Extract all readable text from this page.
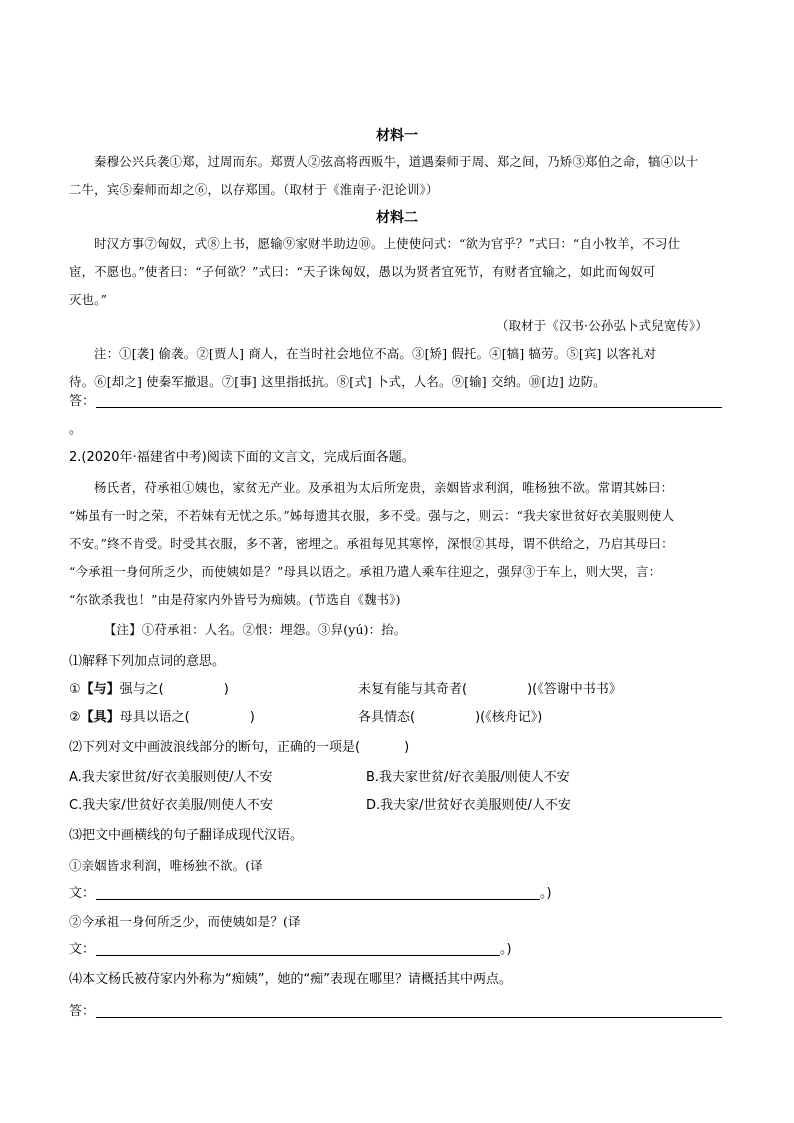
材料一
秦穆公兴兵袭①郑，过周而东。郑贾人②弦高将西贩牛，道遇秦师于周、郑之间，乃矫③郑伯之命，犒④以十
二牛，宾⑤秦师而却之⑥，以存郑国。（取材于《淮南子·氾论训》）
材料二
时汉方事⑦匈奴，式⑧上书，愿输⑨家财半助边⑩。上使使问式：“欲为官乎？”式曰：“自小牧羊，不习仕
宦，不愿也。”使者曰：“子何欲？”式曰：“天子诛匈奴，愚以为贤者宜死节，有财者宜输之，如此而匈奴可
灭也。”
（取材于《汉书·公孙弘卜式兒宽传》）
注：①[袭] 偷袭。②[贾人] 商人，在当时社会地位不高。③[矫] 假托。④[犒] 犒劳。⑤[宾] 以客礼对
待。⑥[却之] 使秦军撤退。⑦[事] 这里指抵抗。⑧[式] 卜式，人名。⑨[输] 交纳。⑩[边] 边防。
答：
。
2.(2020年·福建省中考)阅读下面的文言文，完成后面各题。
杨氏者，苻承祖①姨也，家贫无产业。及承祖为太后所宠贵，亲姻皆求利润，唯杨独不欲。常谓其姊曰：
“姊虽有一时之荣，不若妹有无忧之乐。”姊每遗其衣服，多不受。强与之，则云：“我夫家世贫好衣美服则使人
不安。”终不肯受。时受其衣服，多不著，密埋之。承祖每见其寒悴，深恨②其母，谓不供给之，乃启其母曰：
“今承祖一身何所乏少，而使姨如是？”母具以语之。承祖乃遣人乘车往迎之，强舁③于车上，则大哭，言：
“尔欲杀我也！”由是苻家内外皆号为痴姨。(节选自《魏书》)
【注】①苻承祖：人名。②恨：埋怨。③舁(yú)：抬。
⑴解释下列加点词的意思。
①【与】强与之(	)	未复有能与其奇者(	)(《答谢中书书》
②【具】母具以语之(	)	各具情态(	)(《核舟记》)
⑵下列对文中画波浪线部分的断句，正确的一项是(	)
A.我夫家世贫/好衣美服则使/人不安	B.我夫家世贫/好衣美服/则使人不安
C.我夫家/世贫好衣美服/则使人不安	D.我夫家/世贫好衣美服则使/人不安
⑶把文中画横线的句子翻译成现代汉语。
①亲姻皆求利润，唯杨独不欲。(译
文：	。)
②今承祖一身何所乏少，而使姨如是？(译
文：	。)
⑷本文杨氏被苻家内外称为“痴姨”，她的“痴”表现在哪里？请概括其中两点。
答：
